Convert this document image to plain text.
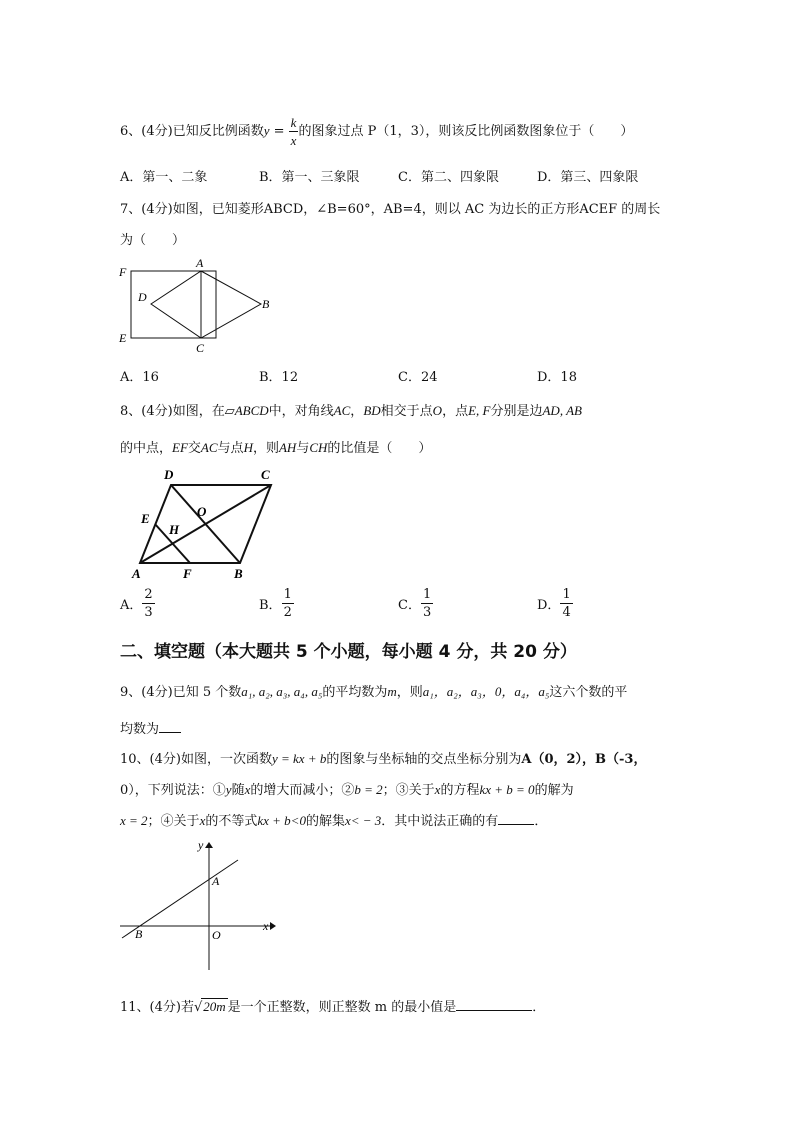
6、(4分)已知反比例函数$y = \frac{k}{x}$ 的图象过点 P（1，3），则该反比例函数图象位于（　　）
A．第一、二象	B．第一、三象限	C．第二、四象限	D．第三、四象限
7、(4分)如图，已知菱形ABCD，∠B=60°，AB=4，则以 AC 为边长的正方形ACEF 的周长
为（　　）
F
A
D	B
E
C
A．16	B．12	C．24	D．18
8、(4分)如图，在▱ABCD中，对角线AC，BD相交于点O，点E, F分别是边AD, AB
的中点，EF交AC与点H，则AH与CH的比值是（　　）
D	C
E	O
H
A	F	B
A． $\frac{2}{3}$	B． $\frac{1}{2}$	C． $\frac{1}{3}$	D． $\frac{1}{4}$
二、填空题（本大题共 5 个小题，每小题 4 分，共 20 分）
9、(4分)已知 5 个数a₁, a₂, a₃, a₄, a₅的平均数为m，则a₁，a₂，a₃，0，a₄，a₅这六个数的平
均数为
10、(4分)如图，一次函数y = kx + b的图象与坐标轴的交点坐标分别为A（0，2），B（-3，
0），下列说法：①y随x的增大而减小；②b = 2；③关于x的方程kx + b = 0的解为
x = 2；④关于x的不等式kx + b<0的解集x< − 3．其中说法正确的有	．
y
A
x
B	O
11、(4分)若√20m 是一个正整数，则正整数 m 的最小值是	．
